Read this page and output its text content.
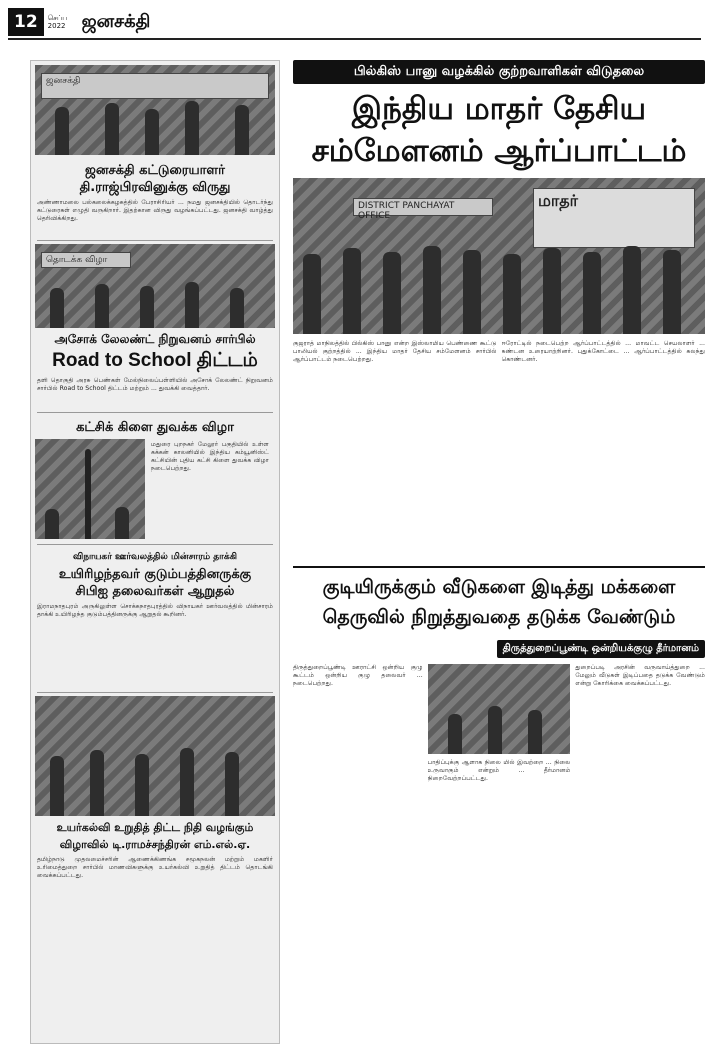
12	செப்ப 2022 ஜனசக்தி
ஜனசக்தி
ஜனசக்தி கட்டுரையாளர்
தி.ராஜ்பிரவினுக்கு விருது
அண்ணாமலை பல்கலைக்கழகத்தில் பேராசிரியர் ... நமது ஜனசக்தியில் தொடர்ந்து கட்டுரைகள் எழுதி வருகிறார். இதற்கான விருது வழங்கப்பட்டது. ஜனசக்தி வாழ்த்து தெரிவிக்கிறது.
தொடக்க விழா
அசோக் லேலண்ட் நிறுவனம் சார்பில்
Road to School திட்டம்
தளி தொகுதி அரசு பெண்கள் மேல்நிலைப்பள்ளியில் அசோக் லேலண்ட் நிறுவனம் சார்பில் Road to School திட்டம் மற்றும் ... துவக்கி வைத்தார்.
கட்சிக் கிளை துவக்க விழா
மதுரை புறநகர் மேலூர் பகுதியில் உள்ள கக்கன் காலனியில் இந்திய கம்யூனிஸ்ட் கட்சியின் புதிய கட்சி கிளை துவக்க விழா நடைபெற்றது.
விநாயகர் ஊர்வலத்தில் மின்சாரம் தாக்கி
உயிரிழந்தவர் குடும்பத்தினருக்கு
சிபிஐ தலைவர்கள் ஆறுதல்
இராமநாதபுரம் அருகிலுள்ள சொக்கநாதபுரத்தில் விநாயகர் ஊர்வலத்தில் மின்சாரம் தாக்கி உயிரிழந்த குடும்பத்தினருக்கு ஆறுதல் கூறினர்.
உயர்கல்வி உறுதித் திட்ட நிதி வழங்கும்
விழாவில் டி.ராமச்சந்திரன் எம்.எல்.ஏ.
தமிழ்நாடு முதலமைச்சரின் ஆணைக்கிணங்க சமூகநலன் மற்றும் மகளிர் உரிமைத்துறை சார்பில் மாணவிகளுக்கு உயர்கல்வி உறுதித் திட்டம் தொடங்கி வைக்கப்பட்டது.
பில்கிஸ் பானு வழக்கில் குற்றவாளிகள் விடுதலை
இந்திய மாதர் தேசிய
சம்மேளனம் ஆர்ப்பாட்டம்
DISTRICT PANCHAYAT OFFICE
மாதர்
குஜராத் மாநிலத்தில் பில்கிஸ் பானு என்ற இஸ்லாமிய பெண்ணை கூட்டு பாலியல் குற்றத்தில் ... இந்திய மாதர் தேசிய சம்மேளனம் சார்பில் ஆர்ப்பாட்டம் நடைபெற்றது.
ஈரோட்டில் நடைபெற்ற ஆர்ப்பாட்டத்தில் ... மாவட்ட செயலாளர் ... கண்டன உரையாற்றினர். புதுக்கோட்டை ... ஆர்ப்பாட்டத்தில் கலந்து கொண்டனர்.
குடியிருக்கும் வீடுகளை இடித்து மக்களை
தெருவில் நிறுத்துவதை தடுக்க வேண்டும்
திருத்துறைப்பூண்டி ஒன்றியக்குழு தீர்மானம்
திருத்துறைப்பூண்டி ஊராட்சி ஒன்றிய குழு கூட்டம் ஒன்றிய குழு தலைவர் ... நடைபெற்றது.
பாதிப்புக்கு ஆளாக நிலை மில் இவற்றை ... நிலை உருவாகும் என்றும் ... தீர்மானம் நிறைவேற்றப்பட்டது.
துறைப்படி அரசின் வருவாய்த்துறை ... மேலும் வீடுகள் இடிப்பதை தடுக்க வேண்டும் என்று கோரிக்கை வைக்கப்பட்டது.
